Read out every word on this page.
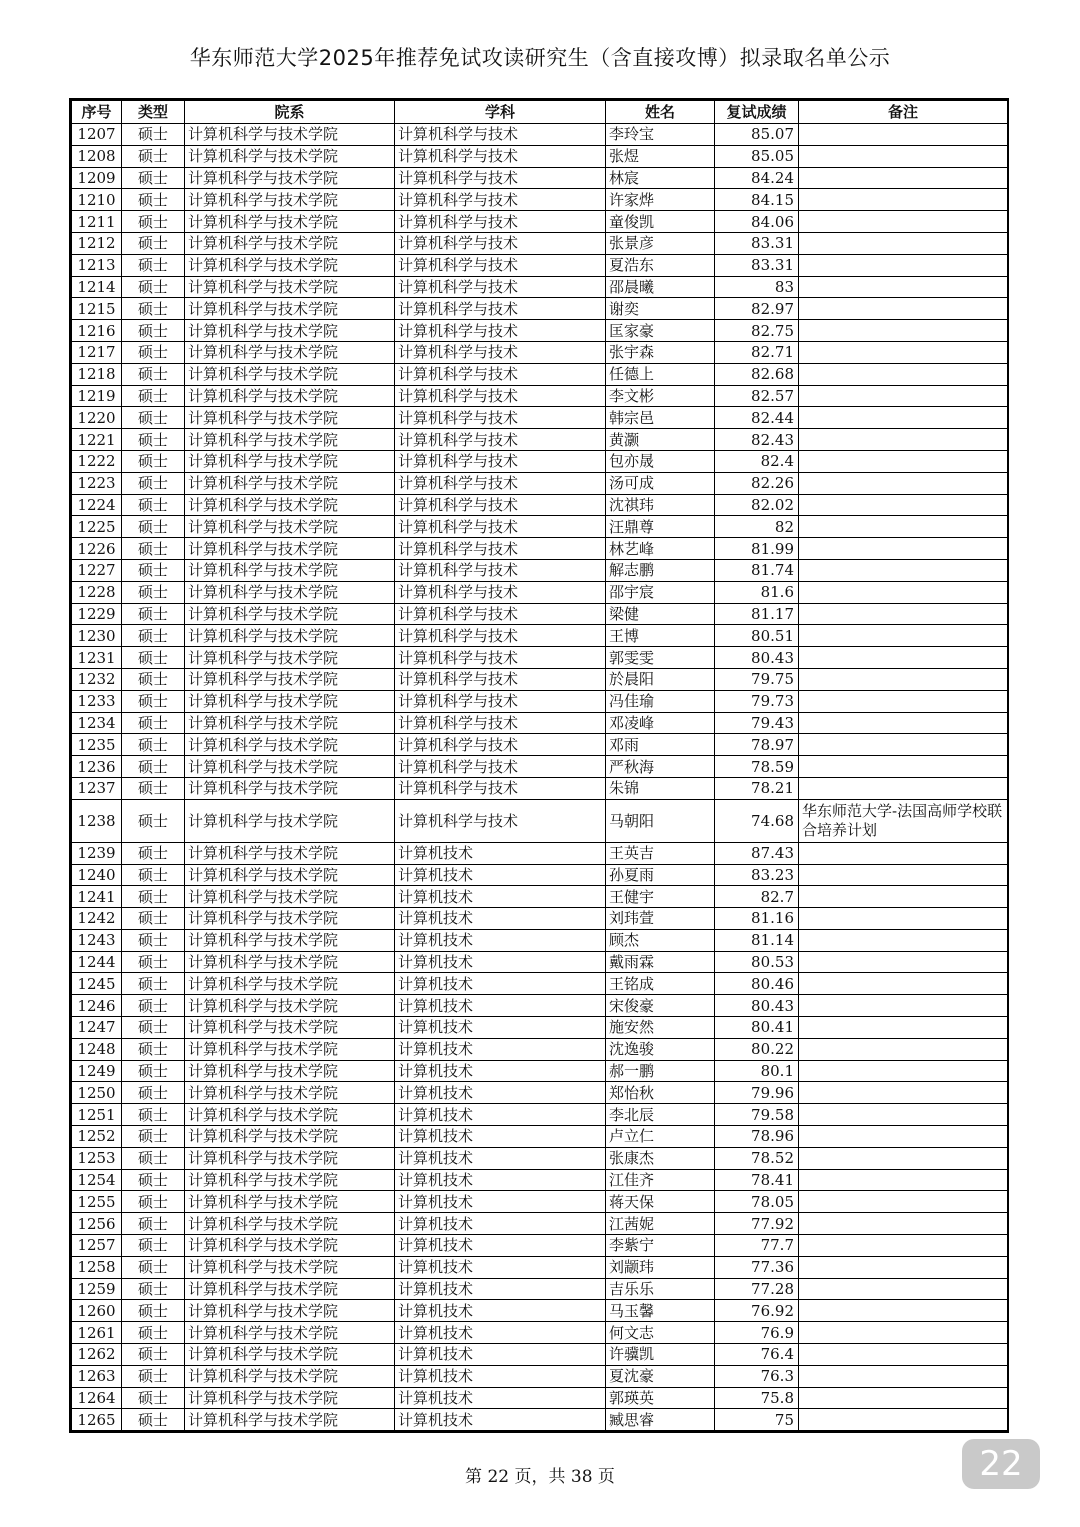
华东师范大学2025年推荐免试攻读研究生（含直接攻博）拟录取名单公示
序号	类型	院系	学科	姓名	复试成绩	备注
1207	硕士	计算机科学与技术学院	计算机科学与技术	李玲宝	85.07	
1208	硕士	计算机科学与技术学院	计算机科学与技术	张煜	85.05	
1209	硕士	计算机科学与技术学院	计算机科学与技术	林宸	84.24	
1210	硕士	计算机科学与技术学院	计算机科学与技术	许家烨	84.15	
1211	硕士	计算机科学与技术学院	计算机科学与技术	童俊凯	84.06	
1212	硕士	计算机科学与技术学院	计算机科学与技术	张景彦	83.31	
1213	硕士	计算机科学与技术学院	计算机科学与技术	夏浩东	83.31	
1214	硕士	计算机科学与技术学院	计算机科学与技术	邵晨曦	83	
1215	硕士	计算机科学与技术学院	计算机科学与技术	谢奕	82.97	
1216	硕士	计算机科学与技术学院	计算机科学与技术	匡家豪	82.75	
1217	硕士	计算机科学与技术学院	计算机科学与技术	张宇森	82.71	
1218	硕士	计算机科学与技术学院	计算机科学与技术	任德上	82.68	
1219	硕士	计算机科学与技术学院	计算机科学与技术	李文彬	82.57	
1220	硕士	计算机科学与技术学院	计算机科学与技术	韩宗邑	82.44	
1221	硕士	计算机科学与技术学院	计算机科学与技术	黄灏	82.43	
1222	硕士	计算机科学与技术学院	计算机科学与技术	包亦晟	82.4	
1223	硕士	计算机科学与技术学院	计算机科学与技术	汤可成	82.26	
1224	硕士	计算机科学与技术学院	计算机科学与技术	沈祺玮	82.02	
1225	硕士	计算机科学与技术学院	计算机科学与技术	汪鼎尊	82	
1226	硕士	计算机科学与技术学院	计算机科学与技术	林艺峰	81.99	
1227	硕士	计算机科学与技术学院	计算机科学与技术	解志鹏	81.74	
1228	硕士	计算机科学与技术学院	计算机科学与技术	邵宇宸	81.6	
1229	硕士	计算机科学与技术学院	计算机科学与技术	梁健	81.17	
1230	硕士	计算机科学与技术学院	计算机科学与技术	王博	80.51	
1231	硕士	计算机科学与技术学院	计算机科学与技术	郭雯雯	80.43	
1232	硕士	计算机科学与技术学院	计算机科学与技术	於晨阳	79.75	
1233	硕士	计算机科学与技术学院	计算机科学与技术	冯佳瑜	79.73	
1234	硕士	计算机科学与技术学院	计算机科学与技术	邓凌峰	79.43	
1235	硕士	计算机科学与技术学院	计算机科学与技术	邓雨	78.97	
1236	硕士	计算机科学与技术学院	计算机科学与技术	严秋海	78.59	
1237	硕士	计算机科学与技术学院	计算机科学与技术	朱锦	78.21	
1238	硕士	计算机科学与技术学院	计算机科学与技术	马朝阳	74.68	华东师范大学-法国高师学校联合培养计划
1239	硕士	计算机科学与技术学院	计算机技术	王英吉	87.43	
1240	硕士	计算机科学与技术学院	计算机技术	孙夏雨	83.23	
1241	硕士	计算机科学与技术学院	计算机技术	王健宇	82.7	
1242	硕士	计算机科学与技术学院	计算机技术	刘玮萱	81.16	
1243	硕士	计算机科学与技术学院	计算机技术	顾杰	81.14	
1244	硕士	计算机科学与技术学院	计算机技术	戴雨霖	80.53	
1245	硕士	计算机科学与技术学院	计算机技术	王铭成	80.46	
1246	硕士	计算机科学与技术学院	计算机技术	宋俊豪	80.43	
1247	硕士	计算机科学与技术学院	计算机技术	施安然	80.41	
1248	硕士	计算机科学与技术学院	计算机技术	沈逸骏	80.22	
1249	硕士	计算机科学与技术学院	计算机技术	郝一鹏	80.1	
1250	硕士	计算机科学与技术学院	计算机技术	郑怡秋	79.96	
1251	硕士	计算机科学与技术学院	计算机技术	李北辰	79.58	
1252	硕士	计算机科学与技术学院	计算机技术	卢立仁	78.96	
1253	硕士	计算机科学与技术学院	计算机技术	张康杰	78.52	
1254	硕士	计算机科学与技术学院	计算机技术	江佳齐	78.41	
1255	硕士	计算机科学与技术学院	计算机技术	蒋天保	78.05	
1256	硕士	计算机科学与技术学院	计算机技术	江茜妮	77.92	
1257	硕士	计算机科学与技术学院	计算机技术	李紫宁	77.7	
1258	硕士	计算机科学与技术学院	计算机技术	刘颛玮	77.36	
1259	硕士	计算机科学与技术学院	计算机技术	吉乐乐	77.28	
1260	硕士	计算机科学与技术学院	计算机技术	马玉馨	76.92	
1261	硕士	计算机科学与技术学院	计算机技术	何文志	76.9	
1262	硕士	计算机科学与技术学院	计算机技术	许骥凯	76.4	
1263	硕士	计算机科学与技术学院	计算机技术	夏沈豪	76.3	
1264	硕士	计算机科学与技术学院	计算机技术	郭瑛英	75.8	
1265	硕士	计算机科学与技术学院	计算机技术	臧思睿	75	
第 22 页，共 38 页	22
